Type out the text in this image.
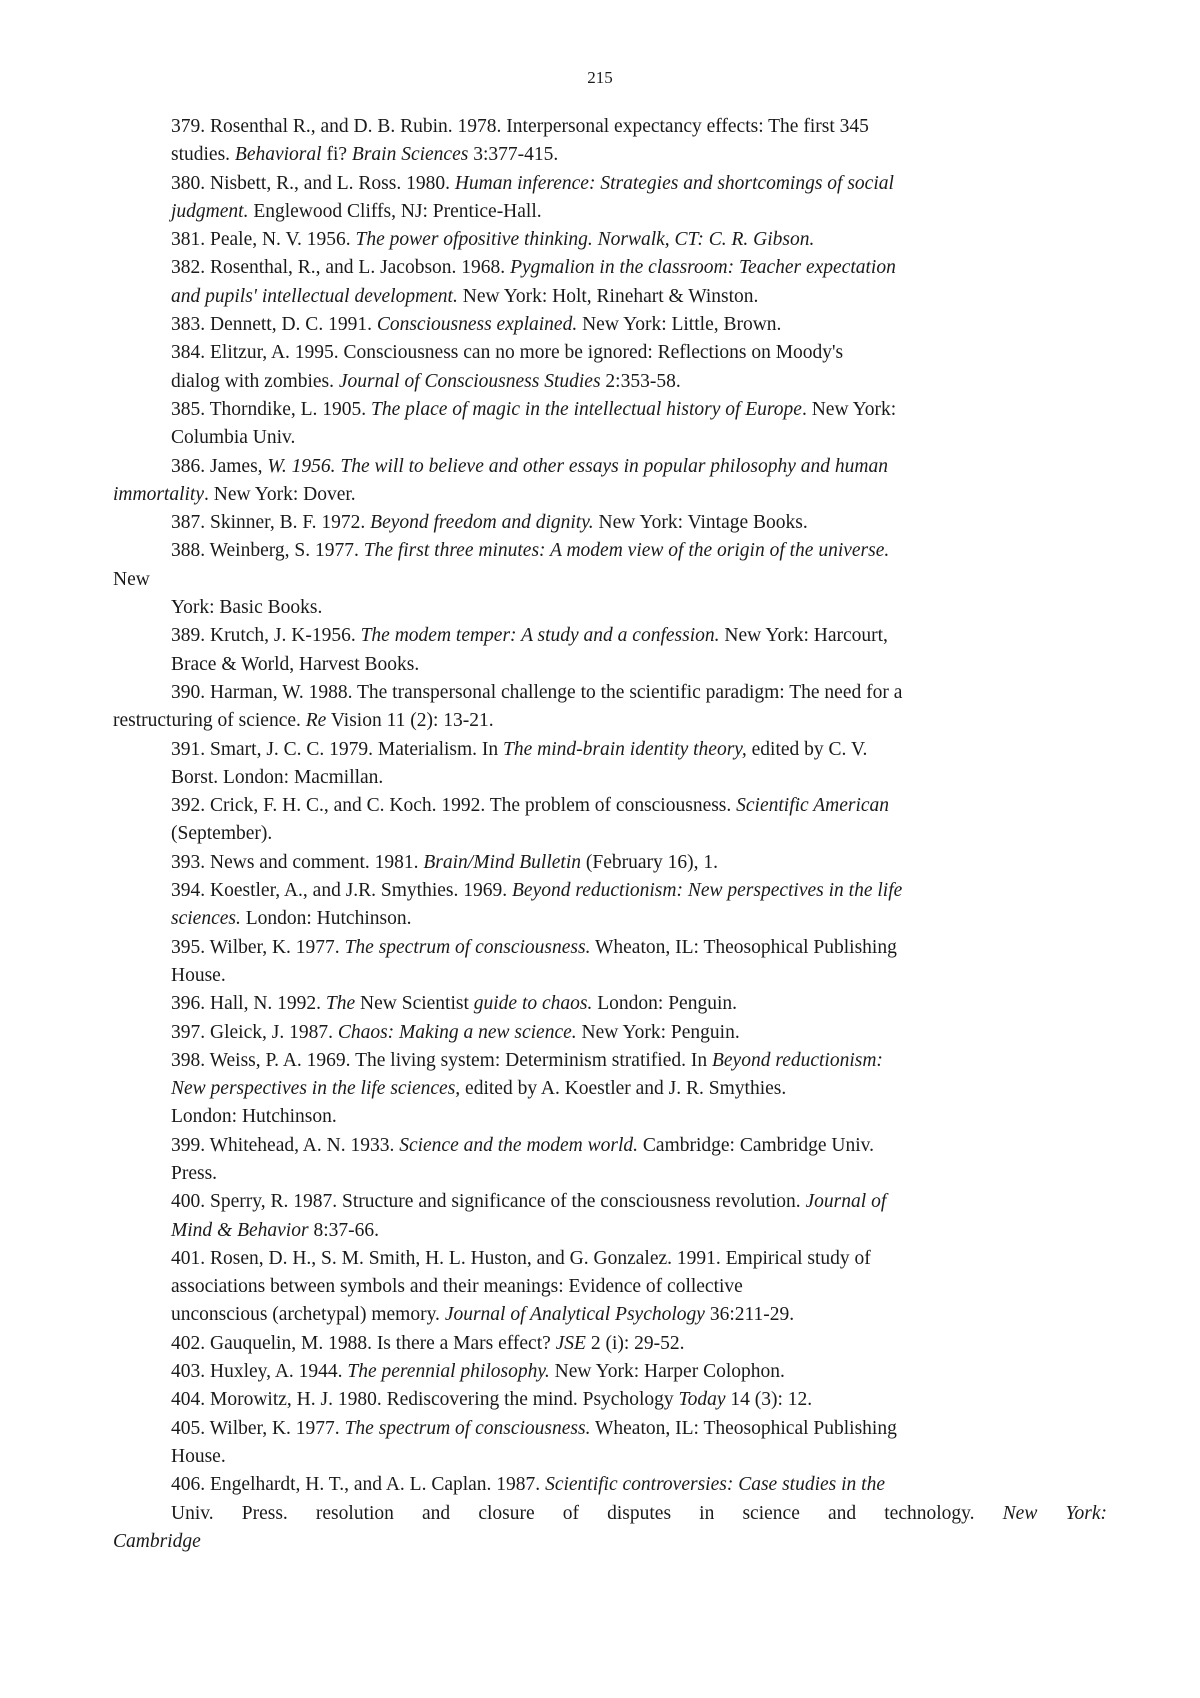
215
379. Rosenthal R., and D. B. Rubin. 1978. Interpersonal expectancy effects: The first 345
studies. Behavioral fi? Brain Sciences 3:377-415.
380. Nisbett, R., and L. Ross. 1980. Human inference: Strategies and shortcomings of social
judgment. Englewood Cliffs, NJ: Prentice-Hall.
381. Peale, N. V. 1956. The power ofpositive thinking. Norwalk, CT: C. R. Gibson.
382. Rosenthal, R., and L. Jacobson. 1968. Pygmalion in the classroom: Teacher expectation
and pupils' intellectual development. New York: Holt, Rinehart & Winston.
383. Dennett, D. C. 1991. Consciousness explained. New York: Little, Brown.
384. Elitzur, A. 1995. Consciousness can no more be ignored: Reflections on Moody's
dialog with zombies. Journal of Consciousness Studies 2:353-58.
385. Thorndike, L. 1905. The place of magic in the intellectual history of Europe. New York:
Columbia Univ.
386. James, W. 1956. The will to believe and other essays in popular philosophy and human
immortality. New York: Dover.
387. Skinner, B. F. 1972. Beyond freedom and dignity. New York: Vintage Books.
388. Weinberg, S. 1977. The first three minutes: A modem view of the origin of the universe.
New
York: Basic Books.
389. Krutch, J. K-1956. The modem temper: A study and a confession. New York: Harcourt,
Brace & World, Harvest Books.
390. Harman, W. 1988. The transpersonal challenge to the scientific paradigm: The need for a
restructuring of science. Re Vision 11 (2): 13-21.
391. Smart, J. C. C. 1979. Materialism. In The mind-brain identity theory, edited by C. V.
Borst. London: Macmillan.
392. Crick, F. H. C., and C. Koch. 1992. The problem of consciousness. Scientific American
(September).
393. News and comment. 1981. Brain/Mind Bulletin (February 16), 1.
394. Koestler, A., and J.R. Smythies. 1969. Beyond reductionism: New perspectives in the life
sciences. London: Hutchinson.
395. Wilber, K. 1977. The spectrum of consciousness. Wheaton, IL: Theosophical Publishing
House.
396. Hall, N. 1992. The New Scientist guide to chaos. London: Penguin.
397. Gleick, J. 1987. Chaos: Making a new science. New York: Penguin.
398. Weiss, P. A. 1969. The living system: Determinism stratified. In Beyond reductionism:
New perspectives in the life sciences, edited by A. Koestler and J. R. Smythies.
London: Hutchinson.
399. Whitehead, A. N. 1933. Science and the modem world. Cambridge: Cambridge Univ.
Press.
400. Sperry, R. 1987. Structure and significance of the consciousness revolution. Journal of
Mind & Behavior 8:37-66.
401. Rosen, D. H., S. M. Smith, H. L. Huston, and G. Gonzalez. 1991. Empirical study of
associations between symbols and their meanings: Evidence of collective
unconscious (archetypal) memory. Journal of Analytical Psychology 36:211-29.
402. Gauquelin, M. 1988. Is there a Mars effect? JSE 2 (i): 29-52.
403. Huxley, A. 1944. The perennial philosophy. New York: Harper Colophon.
404. Morowitz, H. J. 1980. Rediscovering the mind. Psychology Today 14 (3): 12.
405. Wilber, K. 1977. The spectrum of consciousness. Wheaton, IL: Theosophical Publishing
House.
406. Engelhardt, H. T., and A. L. Caplan. 1987. Scientific controversies: Case studies in the
Univ. Press. resolution and closure of disputes in science and technology. New York:
Cambridge
